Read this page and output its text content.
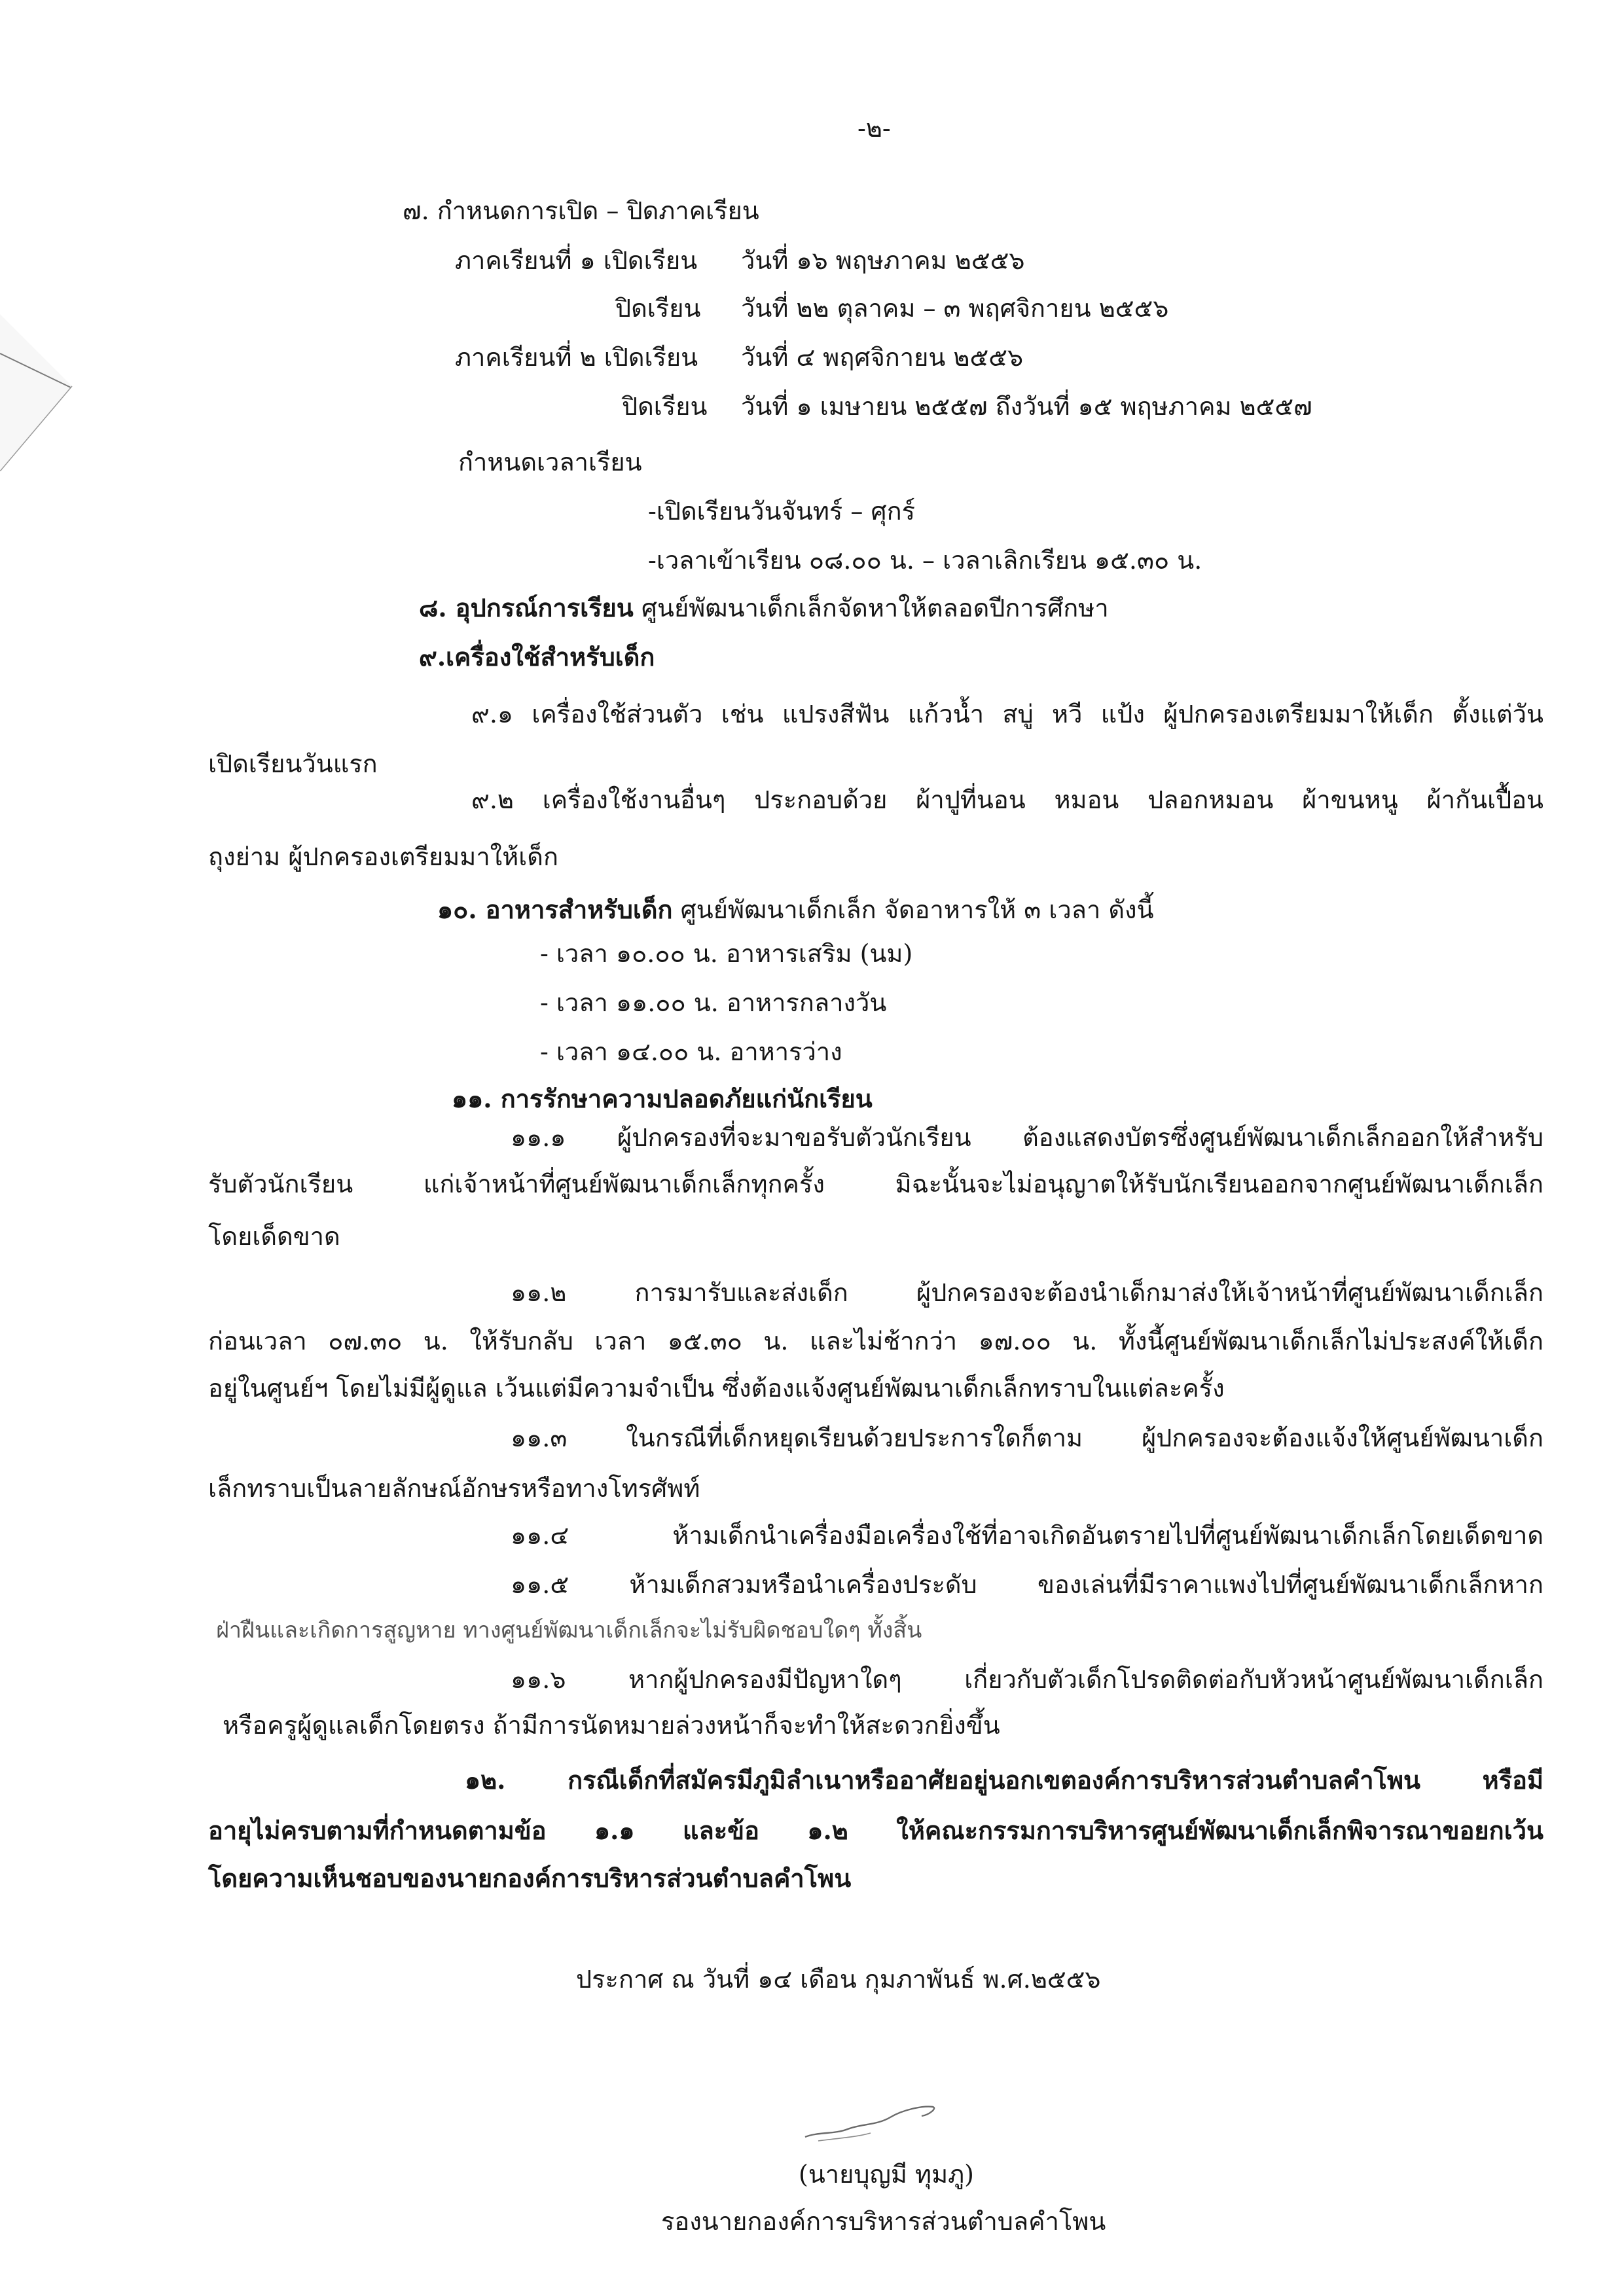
-๒-
๗. กำหนดการเปิด – ปิดภาคเรียน
ภาคเรียนที่ ๑ เปิดเรียน วันที่ ๑๖ พฤษภาคม ๒๕๕๖
ปิดเรียน วันที่ ๒๒ ตุลาคม – ๓ พฤศจิกายน ๒๕๕๖
ภาคเรียนที่ ๒ เปิดเรียน วันที่ ๔ พฤศจิกายน ๒๕๕๖
ปิดเรียน วันที่ ๑ เมษายน ๒๕๕๗ ถึงวันที่ ๑๕ พฤษภาคม ๒๕๕๗
กำหนดเวลาเรียน
-เปิดเรียนวันจันทร์ – ศุกร์
-เวลาเข้าเรียน ๐๘.๐๐ น. – เวลาเลิกเรียน ๑๕.๓๐ น.
๘. อุปกรณ์การเรียน ศูนย์พัฒนาเด็กเล็กจัดหาให้ตลอดปีการศึกษา
๙.เครื่องใช้สำหรับเด็ก
๙.๑ เครื่องใช้ส่วนตัว เช่น แปรงสีฟัน แก้วน้ำ สบู่ หวี แป้ง ผู้ปกครองเตรียมมาให้เด็ก ตั้งแต่วัน
เปิดเรียนวันแรก
๙.๒ เครื่องใช้งานอื่นๆ ประกอบด้วย ผ้าปูที่นอน หมอน ปลอกหมอน ผ้าขนหนู ผ้ากันเปื้อน
ถุงย่าม ผู้ปกครองเตรียมมาให้เด็ก
๑๐. อาหารสำหรับเด็ก ศูนย์พัฒนาเด็กเล็ก จัดอาหารให้ ๓ เวลา ดังนี้
- เวลา ๑๐.๐๐ น. อาหารเสริม (นม)
- เวลา ๑๑.๐๐ น. อาหารกลางวัน
- เวลา ๑๔.๐๐ น. อาหารว่าง
๑๑. การรักษาความปลอดภัยแก่นักเรียน
๑๑.๑ ผู้ปกครองที่จะมาขอรับตัวนักเรียน ต้องแสดงบัตรซึ่งศูนย์พัฒนาเด็กเล็กออกให้สำหรับ
รับตัวนักเรียน แก่เจ้าหน้าที่ศูนย์พัฒนาเด็กเล็กทุกครั้ง มิฉะนั้นจะไม่อนุญาตให้รับนักเรียนออกจากศูนย์พัฒนาเด็กเล็ก
โดยเด็ดขาด
๑๑.๒ การมารับและส่งเด็ก ผู้ปกครองจะต้องนำเด็กมาส่งให้เจ้าหน้าที่ศูนย์พัฒนาเด็กเล็ก
ก่อนเวลา ๐๗.๓๐ น. ให้รับกลับ เวลา ๑๕.๓๐ น. และไม่ช้ากว่า ๑๗.๐๐ น. ทั้งนี้ศูนย์พัฒนาเด็กเล็กไม่ประสงค์ให้เด็ก
อยู่ในศูนย์ฯ โดยไม่มีผู้ดูแล เว้นแต่มีความจำเป็น ซึ่งต้องแจ้งศูนย์พัฒนาเด็กเล็กทราบในแต่ละครั้ง
๑๑.๓ ในกรณีที่เด็กหยุดเรียนด้วยประการใดก็ตาม ผู้ปกครองจะต้องแจ้งให้ศูนย์พัฒนาเด็ก
เล็กทราบเป็นลายลักษณ์อักษรหรือทางโทรศัพท์
๑๑.๔ ห้ามเด็กนำเครื่องมือเครื่องใช้ที่อาจเกิดอันตรายไปที่ศูนย์พัฒนาเด็กเล็กโดยเด็ดขาด
๑๑.๕ ห้ามเด็กสวมหรือนำเครื่องประดับ ของเล่นที่มีราคาแพงไปที่ศูนย์พัฒนาเด็กเล็กหาก
ฝ่าฝืนและเกิดการสูญหาย ทางศูนย์พัฒนาเด็กเล็กจะไม่รับผิดชอบใดๆ ทั้งสิ้น
๑๑.๖ หากผู้ปกครองมีปัญหาใดๆ เกี่ยวกับตัวเด็กโปรดติดต่อกับหัวหน้าศูนย์พัฒนาเด็กเล็ก
หรือครูผู้ดูแลเด็กโดยตรง ถ้ามีการนัดหมายล่วงหน้าก็จะทำให้สะดวกยิ่งขึ้น
๑๒. กรณีเด็กที่สมัครมีภูมิลำเนาหรืออาศัยอยู่นอกเขตองค์การบริหารส่วนตำบลคำโพน หรือมี
อายุไม่ครบตามที่กำหนดตามข้อ ๑.๑ และข้อ ๑.๒ ให้คณะกรรมการบริหารศูนย์พัฒนาเด็กเล็กพิจารณาขอยกเว้น
โดยความเห็นชอบของนายกองค์การบริหารส่วนตำบลคำโพน
ประกาศ ณ วันที่ ๑๔ เดือน กุมภาพันธ์ พ.ศ.๒๕๕๖
(นายบุญมี ทุมภู)
รองนายกองค์การบริหารส่วนตำบลคำโพน
